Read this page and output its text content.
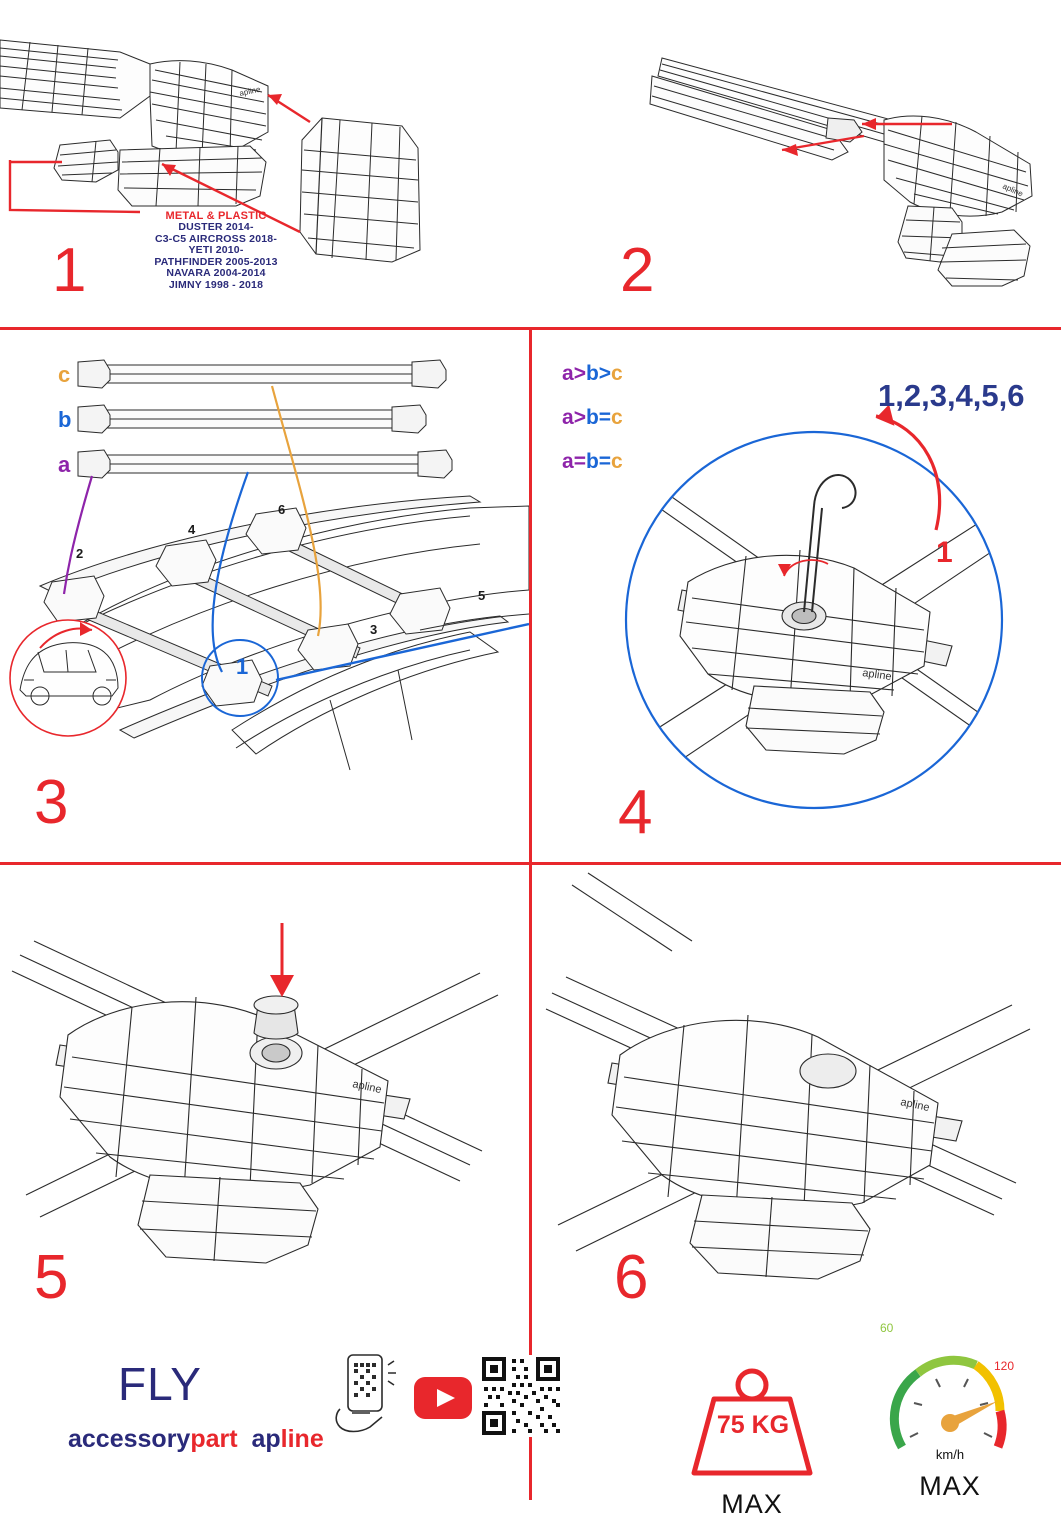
apline
METAL & PLASTIC
DUSTER 2014-
C3-C5 AIRCROSS 2018-
YETI 2010-
PATHFINDER 2005-2013
NAVARA 2004-2014
JIMNY 1998 - 2018
1
apline
2
c
b
a
2
4
6
3
5
1
3
a>b>c
a>b=c
a=b=c
apline
1,2,3,4,5,6
1
4
apline
5
FLY
accessorypart apline
apline
6
75 KG
MAX
60
120
km/h
MAX
